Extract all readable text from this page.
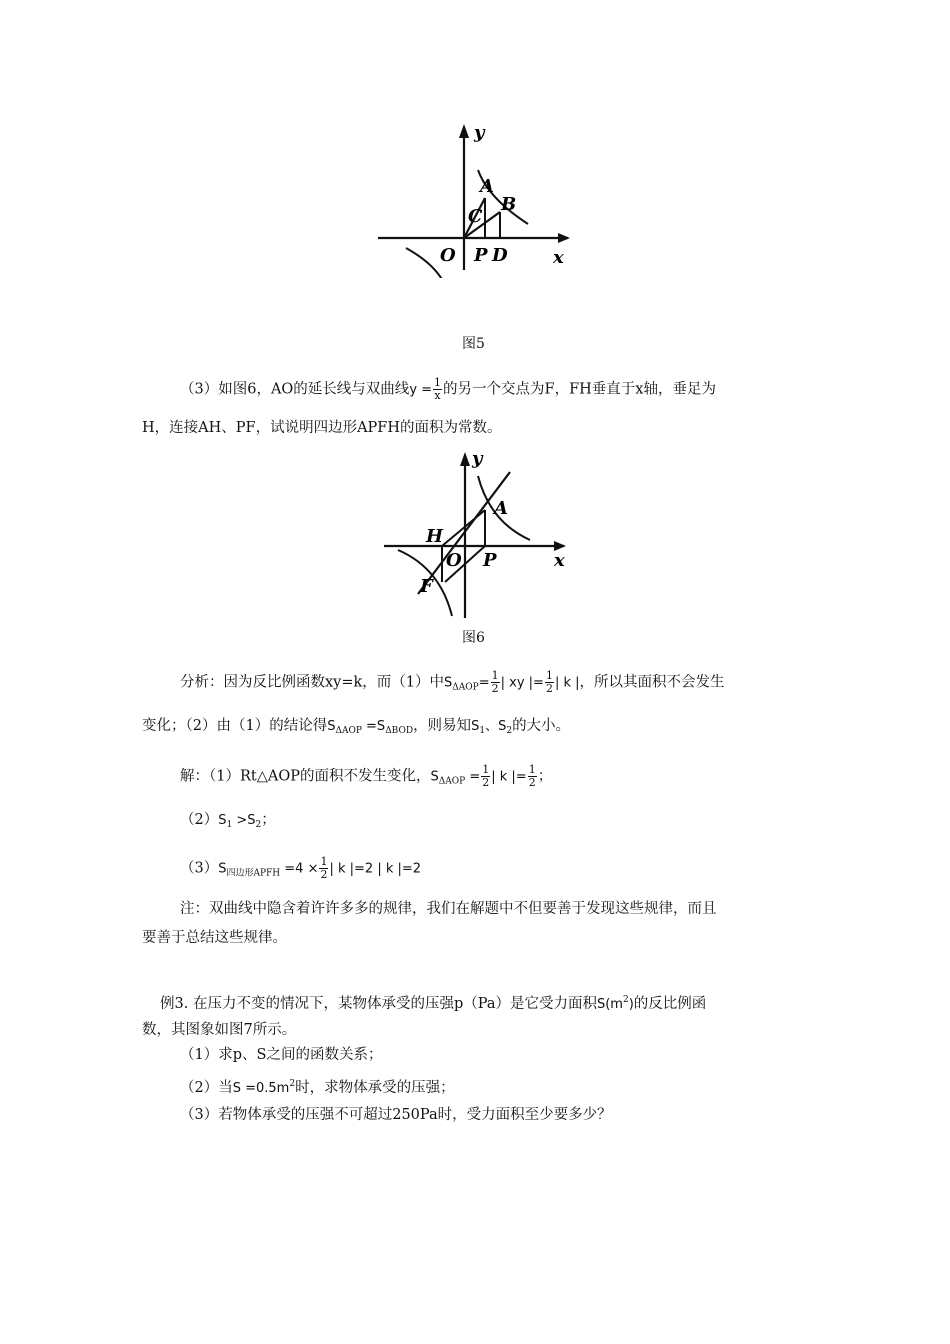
y
x
O P D
A
B
C
图5
（3）如图6，AO的延长线与双曲线$y = \frac{1}{x}$ 的另一个交点为F，FH垂直于x轴，垂足为
H，连接AH、PF，试说明四边形APFH的面积为常数。
y
x
O P
A
H
F
图6
分析：因为反比例函数xy=k，而（1）中$S_{\Delta AOP}= \frac{1}{2}$ | xy |= $\frac{1}{2}$ | k |，所以其面积不会发生
变化；（2）由（1）的结论得$S_{\Delta AOP} =S_{\Delta BOD}$，则易知$S_1$、$S_2$的大小。
解：（1）Rt△AOP的面积不发生变化，$S_{\Delta AOP} = \frac{1}{2}$ | k |= $\frac{1}{2}$ ；
$(2)S_1 >S_2$；
$(3)S_{四边形APFH} =4 \times \frac{1}{2}$ | k |=2 | k |=2
注：双曲线中隐含着许许多多的规律，我们在解题中不但要善于发现这些规律，而且
要善于总结这些规律。
例3. 在压力不变的情况下，某物体承受的压强p（Pa）是它受力面积$S(m^2)$的反比例函
数，其图象如图7所示。
（1）求p、S之间的函数关系；
（2）当$S =0.5m^2$时，求物体承受的压强；
（3）若物体承受的压强不可超过250Pa时，受力面积至少要多少？
